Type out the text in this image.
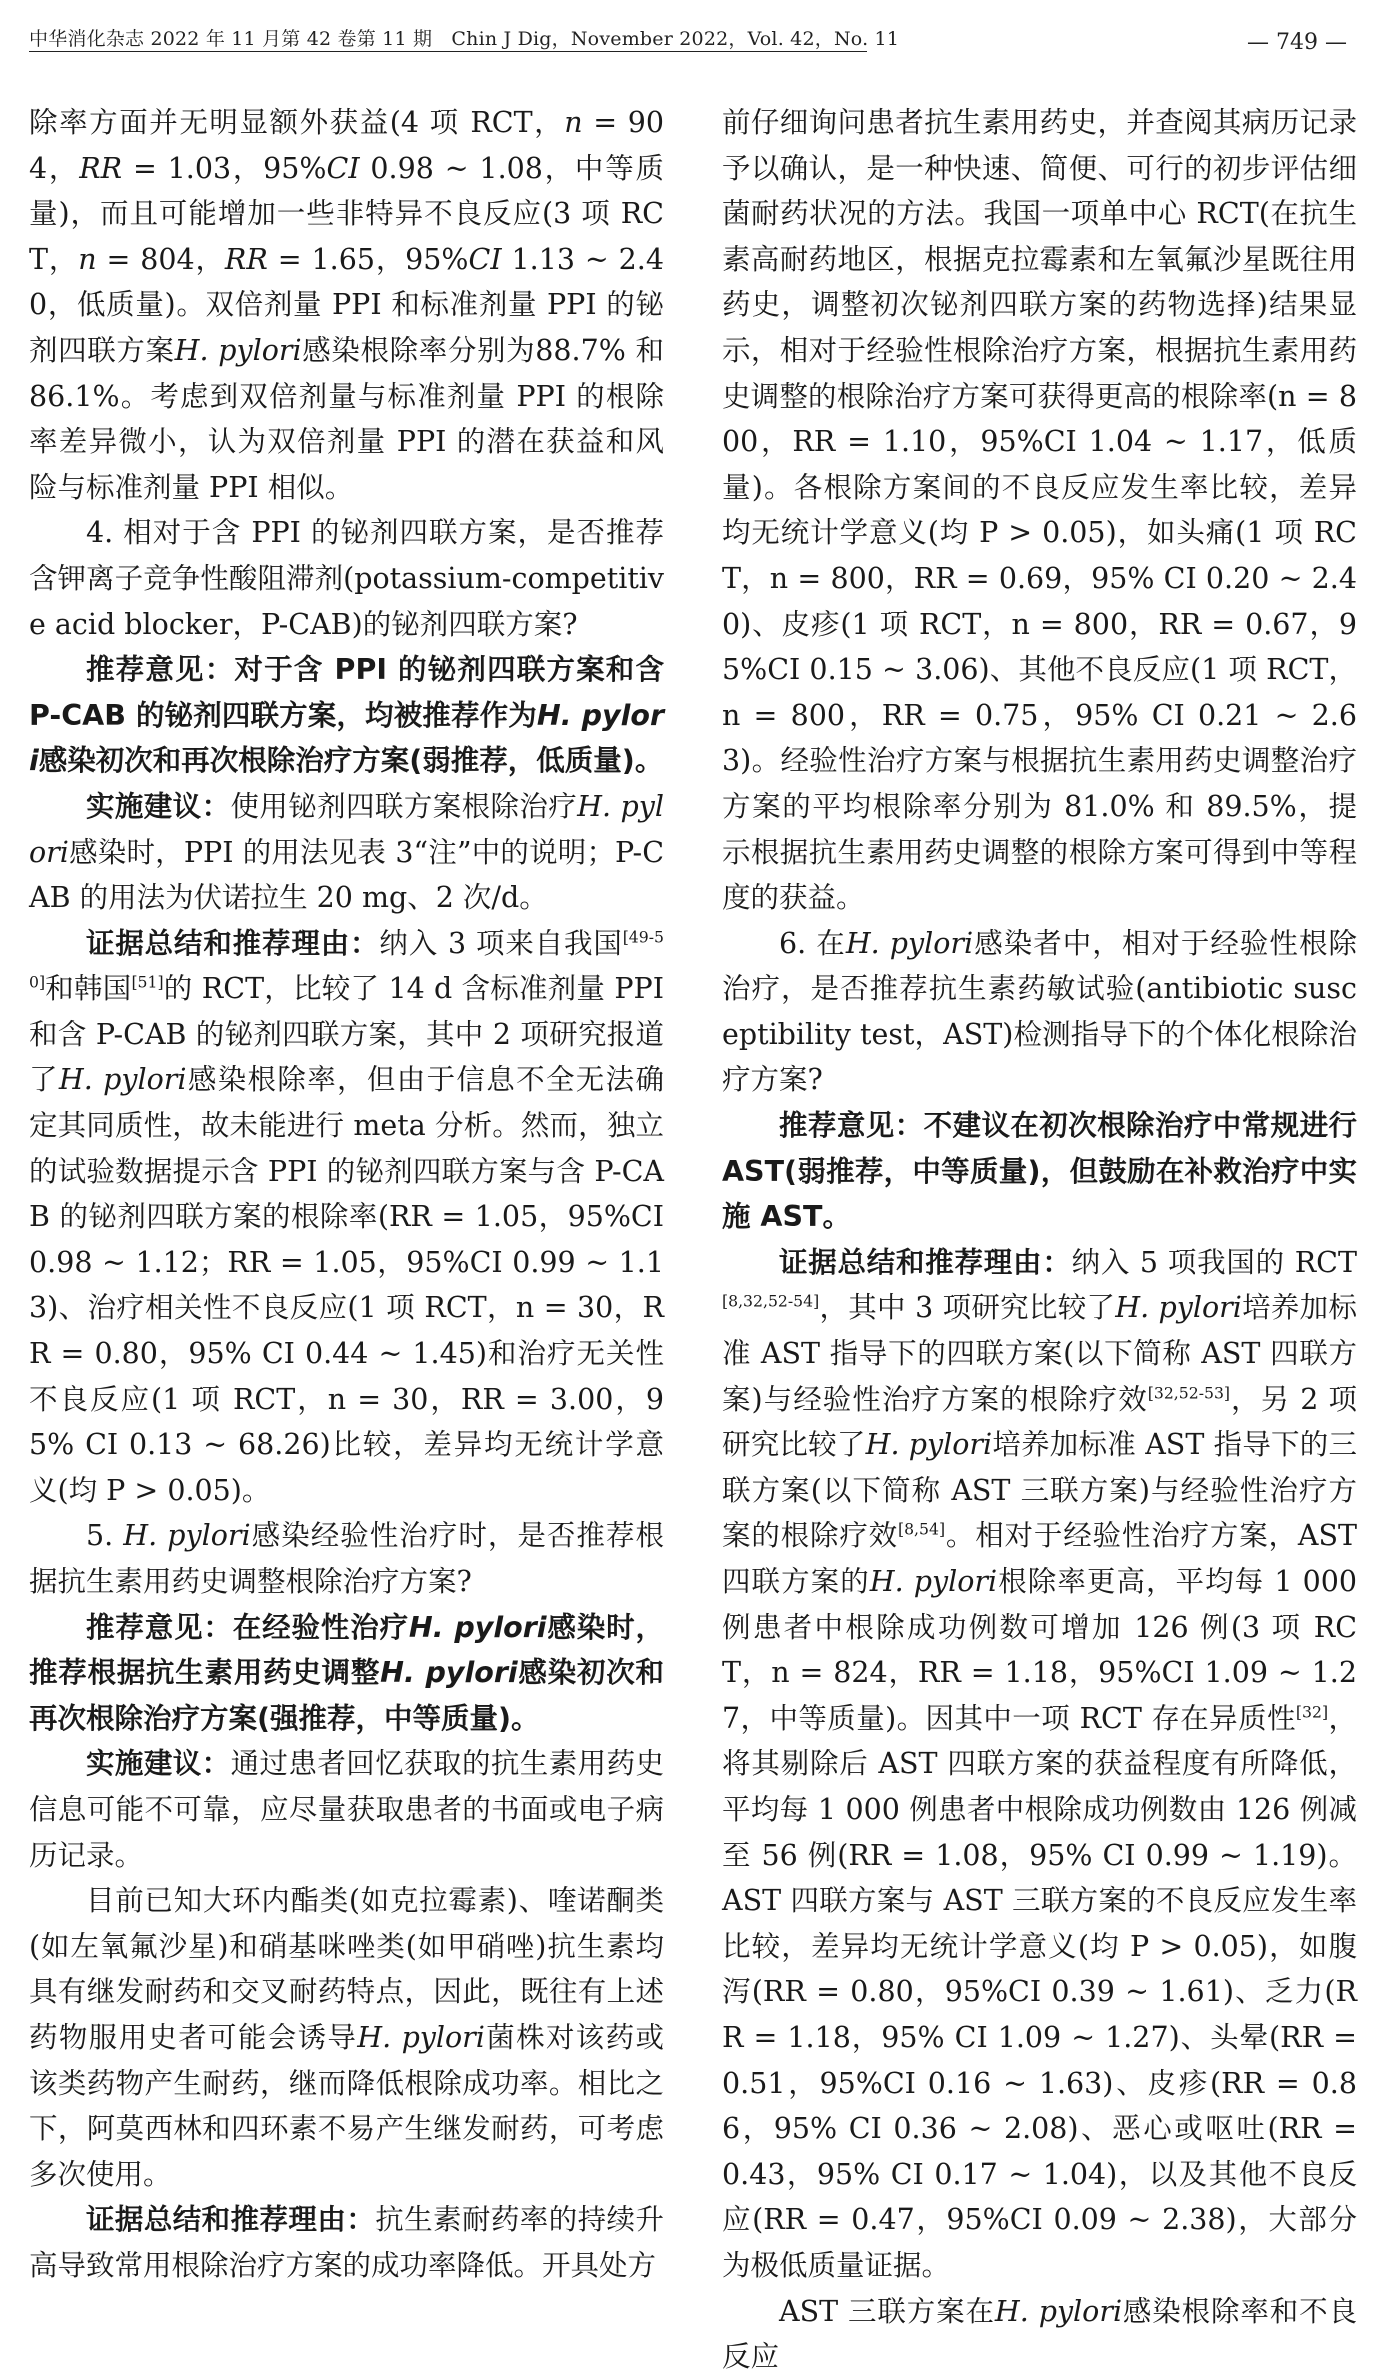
中华消化杂志 2022 年 11 月第 42 卷第 11 期　Chin J Dig，November 2022，Vol. 42，No. 11	— 749 —

除率方面并无明显额外获益(4 项 RCT，n = 904，RR = 1.03，95%CI 0.98 ~ 1.08，中等质量)，而且可能增加一些非特异不良反应(3 项 RCT，n = 804，RR = 1.65，95%CI 1.13 ~ 2.40，低质量)。双倍剂量 PPI 和标准剂量 PPI 的铋剂四联方案H. pylori感染根除率分别为88.7% 和 86.1%。考虑到双倍剂量与标准剂量 PPI 的根除率差异微小，认为双倍剂量 PPI 的潜在获益和风险与标准剂量 PPI 相似。

4. 相对于含 PPI 的铋剂四联方案，是否推荐含钾离子竞争性酸阻滞剂(potassium-competitive acid blocker，P-CAB)的铋剂四联方案?

推荐意见：对于含 PPI 的铋剂四联方案和含 P-CAB 的铋剂四联方案，均被推荐作为H. pylori感染初次和再次根除治疗方案(弱推荐，低质量)。

实施建议：使用铋剂四联方案根除治疗H. pylori感染时，PPI 的用法见表 3“注”中的说明；P-CAB 的用法为伏诺拉生 20 mg、2 次/d。

证据总结和推荐理由：纳入 3 项来自我国[49-50]和韩国[51]的 RCT，比较了 14 d 含标准剂量 PPI 和含 P-CAB 的铋剂四联方案，其中 2 项研究报道了H. pylori感染根除率，但由于信息不全无法确定其同质性，故未能进行 meta 分析。然而，独立的试验数据提示含 PPI 的铋剂四联方案与含 P-CAB 的铋剂四联方案的根除率(RR = 1.05，95%CI 0.98 ~ 1.12；RR = 1.05，95%CI 0.99 ~ 1.13)、治疗相关性不良反应(1 项 RCT，n = 30，RR = 0.80，95% CI 0.44 ~ 1.45)和治疗无关性不良反应(1 项 RCT，n = 30，RR = 3.00，95% CI 0.13 ~ 68.26)比较，差异均无统计学意义(均 P > 0.05)。

5. H. pylori感染经验性治疗时，是否推荐根据抗生素用药史调整根除治疗方案?

推荐意见：在经验性治疗H. pylori感染时，推荐根据抗生素用药史调整H. pylori感染初次和再次根除治疗方案(强推荐，中等质量)。

实施建议：通过患者回忆获取的抗生素用药史信息可能不可靠，应尽量获取患者的书面或电子病历记录。

目前已知大环内酯类(如克拉霉素)、喹诺酮类(如左氧氟沙星)和硝基咪唑类(如甲硝唑)抗生素均具有继发耐药和交叉耐药特点，因此，既往有上述药物服用史者可能会诱导H. pylori菌株对该药或该类药物产生耐药，继而降低根除成功率。相比之下，阿莫西林和四环素不易产生继发耐药，可考虑多次使用。

证据总结和推荐理由：抗生素耐药率的持续升高导致常用根除治疗方案的成功率降低。开具处方

前仔细询问患者抗生素用药史，并查阅其病历记录予以确认，是一种快速、简便、可行的初步评估细菌耐药状况的方法。我国一项单中心 RCT(在抗生素高耐药地区，根据克拉霉素和左氧氟沙星既往用药史，调整初次铋剂四联方案的药物选择)结果显示，相对于经验性根除治疗方案，根据抗生素用药史调整的根除治疗方案可获得更高的根除率(n = 800，RR = 1.10，95%CI 1.04 ~ 1.17，低质量)。各根除方案间的不良反应发生率比较，差异均无统计学意义(均 P > 0.05)，如头痛(1 项 RCT，n = 800，RR = 0.69，95% CI 0.20 ~ 2.40)、皮疹(1 项 RCT，n = 800，RR = 0.67，95%CI 0.15 ~ 3.06)、其他不良反应(1 项 RCT，n = 800，RR = 0.75，95% CI 0.21 ~ 2.63)。经验性治疗方案与根据抗生素用药史调整治疗方案的平均根除率分别为 81.0% 和 89.5%，提示根据抗生素用药史调整的根除方案可得到中等程度的获益。

6. 在H. pylori感染者中，相对于经验性根除治疗，是否推荐抗生素药敏试验(antibiotic susceptibility test，AST)检测指导下的个体化根除治疗方案?

推荐意见：不建议在初次根除治疗中常规进行 AST(弱推荐，中等质量)，但鼓励在补救治疗中实施 AST。

证据总结和推荐理由：纳入 5 项我国的 RCT[8,32,52-54]，其中 3 项研究比较了H. pylori培养加标准 AST 指导下的四联方案(以下简称 AST 四联方案)与经验性治疗方案的根除疗效[32,52-53]，另 2 项研究比较了H. pylori培养加标准 AST 指导下的三联方案(以下简称 AST 三联方案)与经验性治疗方案的根除疗效[8,54]。相对于经验性治疗方案，AST 四联方案的H. pylori根除率更高，平均每 1 000 例患者中根除成功例数可增加 126 例(3 项 RCT，n = 824，RR = 1.18，95%CI 1.09 ~ 1.27，中等质量)。因其中一项 RCT 存在异质性[32]，将其剔除后 AST 四联方案的获益程度有所降低，平均每 1 000 例患者中根除成功例数由 126 例减至 56 例(RR = 1.08，95% CI 0.99 ~ 1.19)。AST 四联方案与 AST 三联方案的不良反应发生率比较，差异均无统计学意义(均 P > 0.05)，如腹泻(RR = 0.80，95%CI 0.39 ~ 1.61)、乏力(RR = 1.18，95% CI 1.09 ~ 1.27)、头晕(RR = 0.51，95%CI 0.16 ~ 1.63)、皮疹(RR = 0.86，95% CI 0.36 ~ 2.08)、恶心或呕吐(RR = 0.43，95% CI 0.17 ~ 1.04)，以及其他不良反应(RR = 0.47，95%CI 0.09 ~ 2.38)，大部分为极低质量证据。

AST 三联方案在H. pylori感染根除率和不良反应
